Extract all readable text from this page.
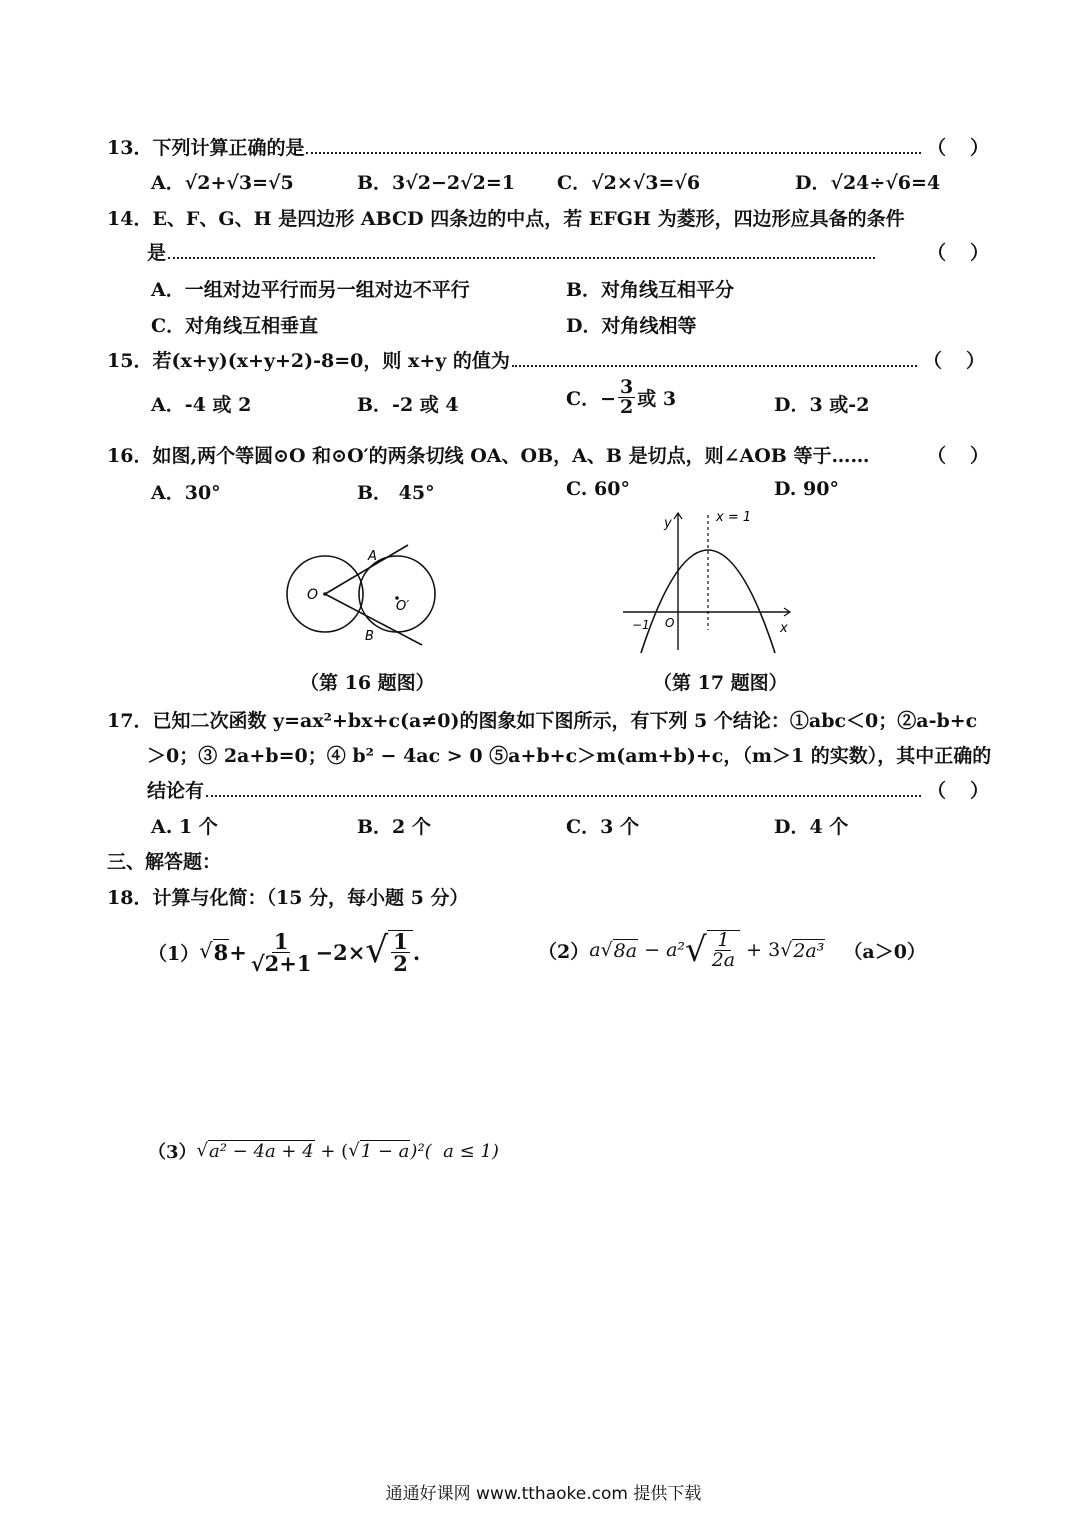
13． 下列计算正确的是	（ ）
A．√2+√3=√5	B．3√2−2√2=1 C．√2×√3=√6	D．√24÷√6=4
14． E、F、G、H 是四边形 ABCD 四条边的中点，若 EFGH 为菱形，四边形应具备的条件
是	（ ）
A．一组对边平行而另一组对边不平行	B．对角线互相平分
C．对角线互相垂直	D．对角线相等
15． 若(x+y)(x+y+2)-8=0，则 x+y 的值为	（ ）
A．-4 或 2	B．-2 或 4	C．− $\frac{3}{2}$ 或 3	D．3 或-2
16． 如图,两个等圆⊙O 和⊙O′的两条切线 OA、OB，A、B 是切点，则∠AOB 等于……	（ ）
A．30°	B． 45°	C. 60°	D. 90°
O
O′
A
B
（第 16 题图）
y
x
x = 1
−1 O
（第 17 题图）
17． 已知二次函数 y=ax²+bx+c(a≠0)的图象如下图所示，有下列 5 个结论：①abc＜0；②a-b+c
＞0；③ 2a+b=0；④ b² − 4ac > 0 ⑤a+b+c＞m(am+b)+c，（m＞1 的实数），其中正确的
结论有	（ ）
A. 1 个	B．2 个	C．3 个	D．4 个
三、解答题：
18． 计算与化简：（15 分，每小题 5 分）
（1） √ $8 + \frac{1}{√2+1} -2\times$ √ $\frac{1}{2}$ .	（2） a √ 8a − a² √ $\frac{1}{2a} + 3$ √ 2a³ （a＞0）
（3） √ a² − 4a + 4 + ( √ 1 − a )²(  a ≤ 1)
通通好课网 www.tthaoke.com 提供下载
